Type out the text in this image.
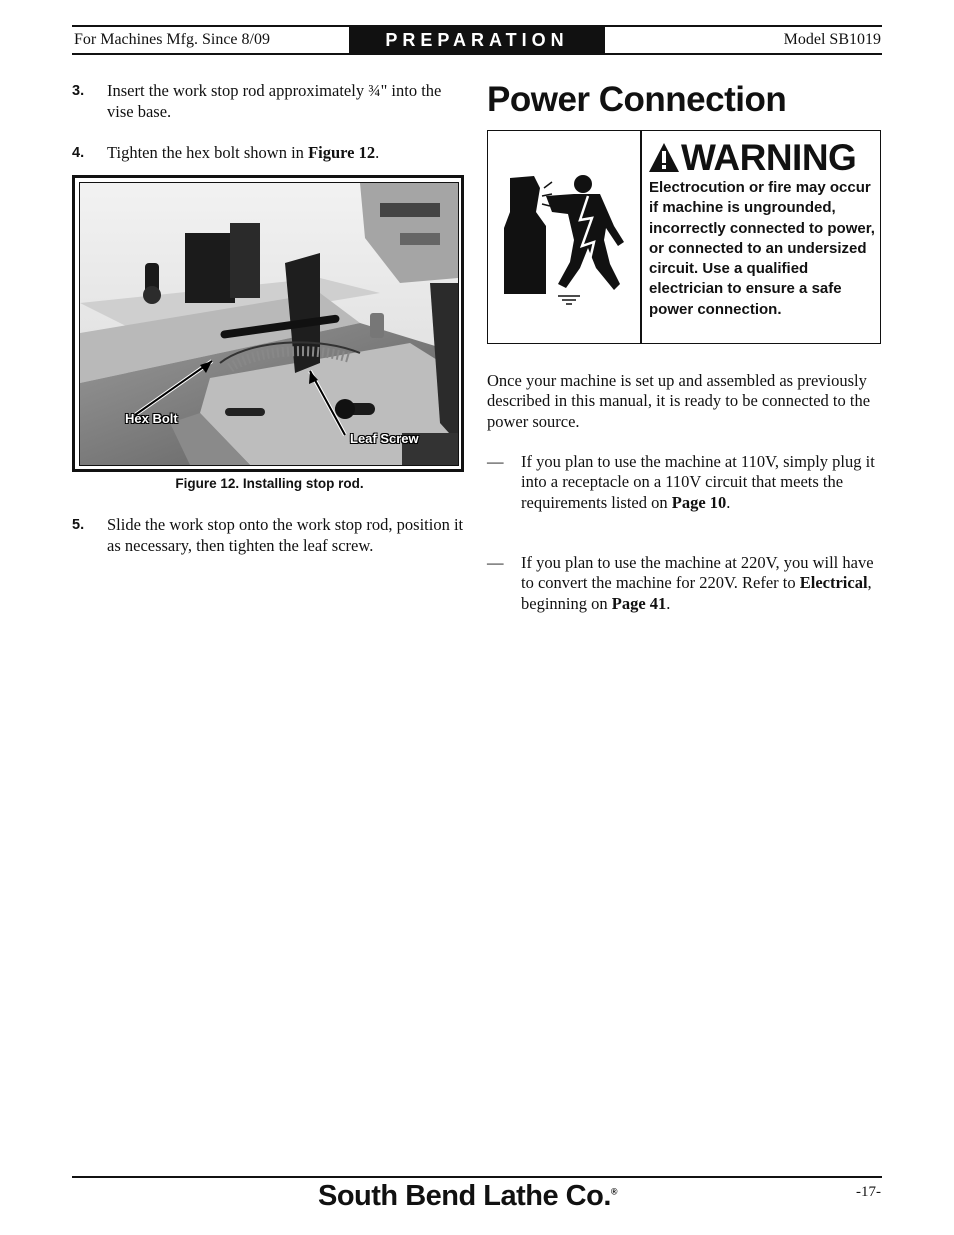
For Machines Mfg. Since 8/09	PREPARATION	Model SB1019
3. Insert the work stop rod approximately ¾" into the vise base.
4. Tighten the hex bolt shown in Figure 12.
Hex Bolt
Leaf Screw
Figure 12. Installing stop rod.
5. Slide the work stop onto the work stop rod, position it as necessary, then tighten the leaf screw.
Power Connection
WARNING
Electrocution or fire may occur if machine is ungrounded, incorrectly connected to power, or connected to an undersized circuit. Use a qualified electrician to ensure a safe power connection.
Once your machine is set up and assembled as previously described in this manual, it is ready to be connected to the power source.
— If you plan to use the machine at 110V, simply plug it into a receptacle on a 110V circuit that meets the requirements listed on Page 10.
— If you plan to use the machine at 220V, you will have to convert the machine for 220V. Refer to Electrical, beginning on Page 41.
South Bend Lathe Co.®	-17-
